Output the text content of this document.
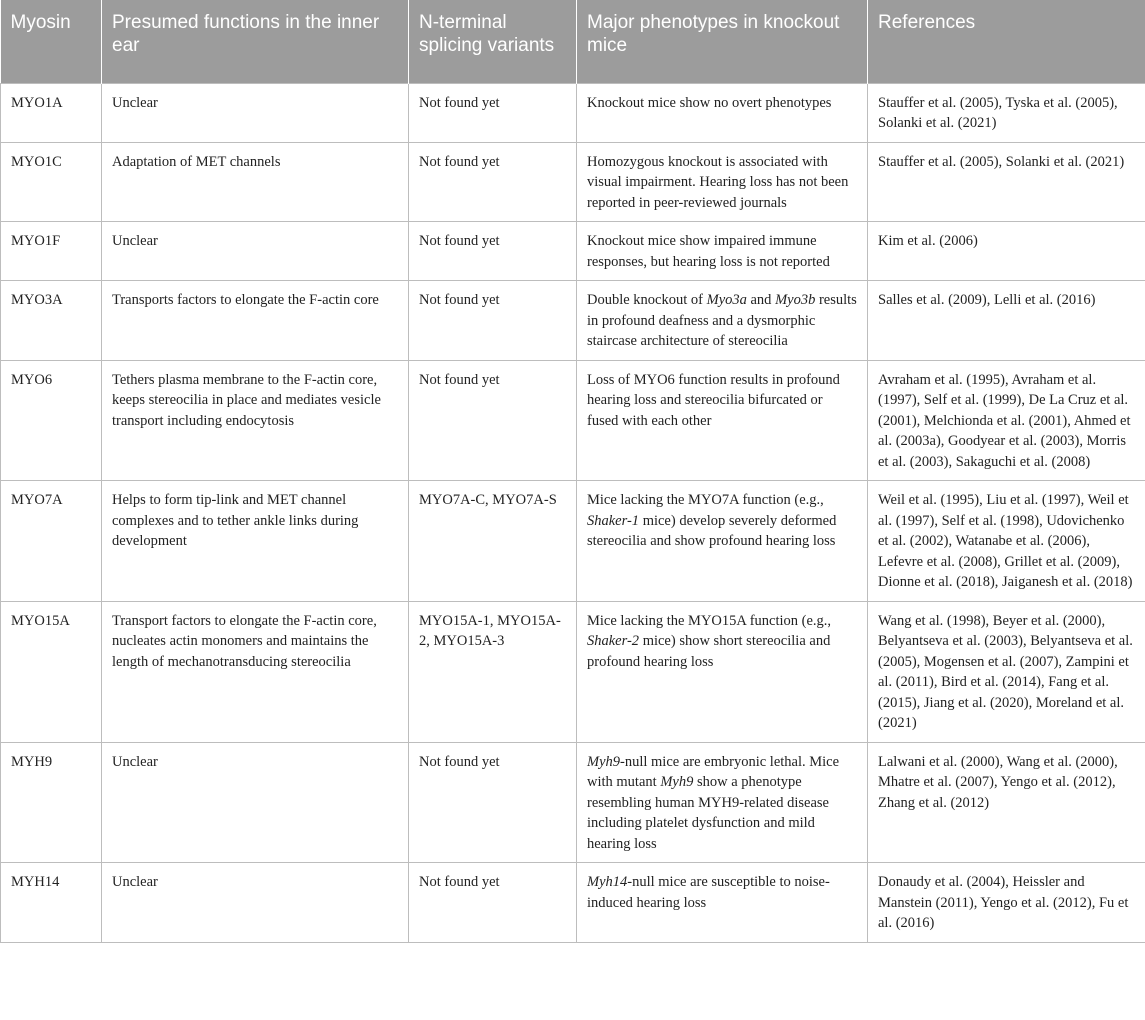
Myosin	Presumed functions in the inner ear	N-terminal splicing variants	Major phenotypes in knockout mice	References
MYO1A	Unclear	Not found yet	Knockout mice show no overt phenotypes	Stauffer et al. (2005), Tyska et al. (2005), Solanki et al. (2021)
MYO1C	Adaptation of MET channels	Not found yet	Homozygous knockout is associated with visual impairment. Hearing loss has not been reported in peer-reviewed journals	Stauffer et al. (2005), Solanki et al. (2021)
MYO1F	Unclear	Not found yet	Knockout mice show impaired immune responses, but hearing loss is not reported	Kim et al. (2006)
MYO3A	Transports factors to elongate the F-actin core	Not found yet	Double knockout of Myo3a and Myo3b results in profound deafness and a dysmorphic staircase architecture of stereocilia	Salles et al. (2009), Lelli et al. (2016)
MYO6	Tethers plasma membrane to the F-actin core, keeps stereocilia in place and mediates vesicle transport including endocytosis	Not found yet	Loss of MYO6 function results in profound hearing loss and stereocilia bifurcated or fused with each other	Avraham et al. (1995), Avraham et al. (1997), Self et al. (1999), De La Cruz et al. (2001), Melchionda et al. (2001), Ahmed et al. (2003a), Goodyear et al. (2003), Morris et al. (2003), Sakaguchi et al. (2008)
MYO7A	Helps to form tip-link and MET channel complexes and to tether ankle links during development	MYO7A-C, MYO7A-S	Mice lacking the MYO7A function (e.g., Shaker-1 mice) develop severely deformed stereocilia and show profound hearing loss	Weil et al. (1995), Liu et al. (1997), Weil et al. (1997), Self et al. (1998), Udovichenko et al. (2002), Watanabe et al. (2006), Lefevre et al. (2008), Grillet et al. (2009), Dionne et al. (2018), Jaiganesh et al. (2018)
MYO15A	Transport factors to elongate the F-actin core, nucleates actin monomers and maintains the length of mechanotransducing stereocilia	MYO15A-1, MYO15A-2, MYO15A-3	Mice lacking the MYO15A function (e.g., Shaker-2 mice) show short stereocilia and profound hearing loss	Wang et al. (1998), Beyer et al. (2000), Belyantseva et al. (2003), Belyantseva et al. (2005), Mogensen et al. (2007), Zampini et al. (2011), Bird et al. (2014), Fang et al. (2015), Jiang et al. (2020), Moreland et al. (2021)
MYH9	Unclear	Not found yet	Myh9-null mice are embryonic lethal. Mice with mutant Myh9 show a phenotype resembling human MYH9-related disease including platelet dysfunction and mild hearing loss	Lalwani et al. (2000), Wang et al. (2000), Mhatre et al. (2007), Yengo et al. (2012), Zhang et al. (2012)
MYH14	Unclear	Not found yet	Myh14-null mice are susceptible to noise-induced hearing loss	Donaudy et al. (2004), Heissler and Manstein (2011), Yengo et al. (2012), Fu et al. (2016)
